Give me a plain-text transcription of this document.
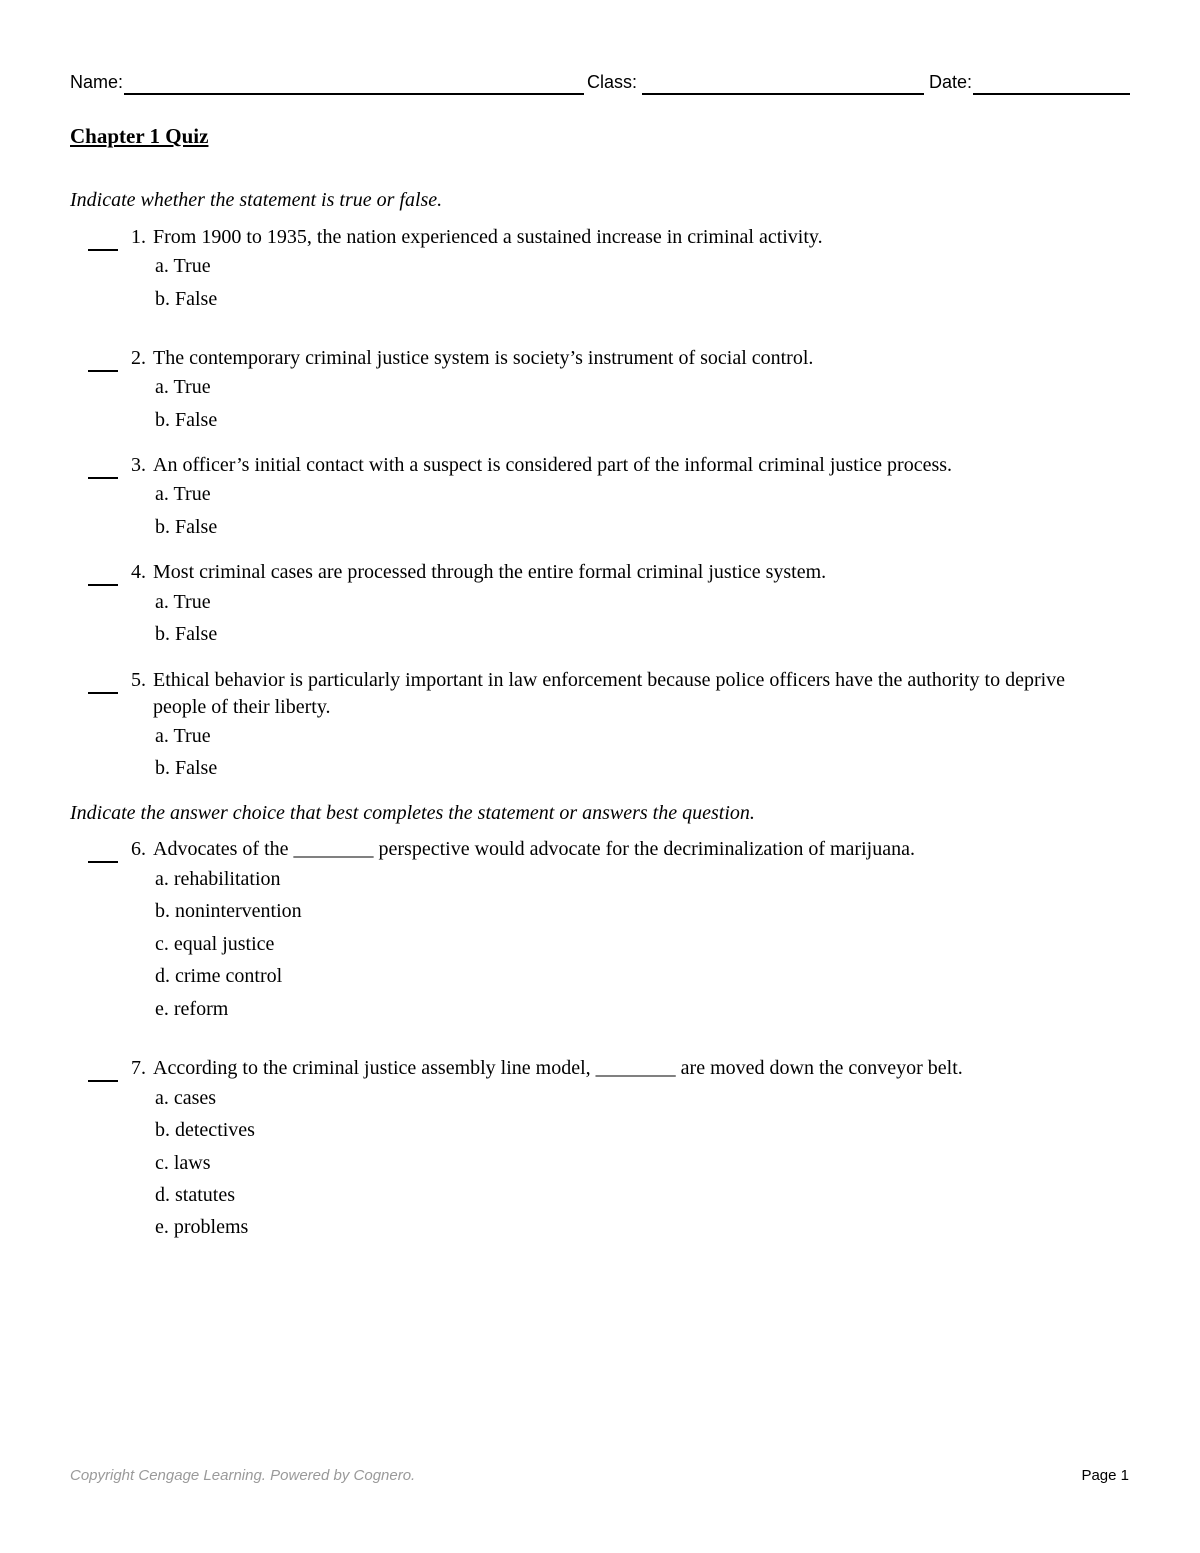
Name:	Class:	Date:
Chapter 1 Quiz
Indicate whether the statement is true or false.
1. From 1900 to 1935, the nation experienced a sustained increase in criminal activity.
a. True
b. False
2. The contemporary criminal justice system is society’s instrument of social control.
a. True
b. False
3. An officer’s initial contact with a suspect is considered part of the informal criminal justice process.
a. True
b. False
4. Most criminal cases are processed through the entire formal criminal justice system.
a. True
b. False
5. Ethical behavior is particularly important in law enforcement because police officers have the authority to deprive people of their liberty.
a. True
b. False
Indicate the answer choice that best completes the statement or answers the question.
6. Advocates of the ________ perspective would advocate for the decriminalization of marijuana.
a. rehabilitation
b. nonintervention
c. equal justice
d. crime control
e. reform
7. According to the criminal justice assembly line model, ________ are moved down the conveyor belt.
a. cases
b. detectives
c. laws
d. statutes
e. problems
Copyright Cengage Learning. Powered by Cognero.	Page 1
